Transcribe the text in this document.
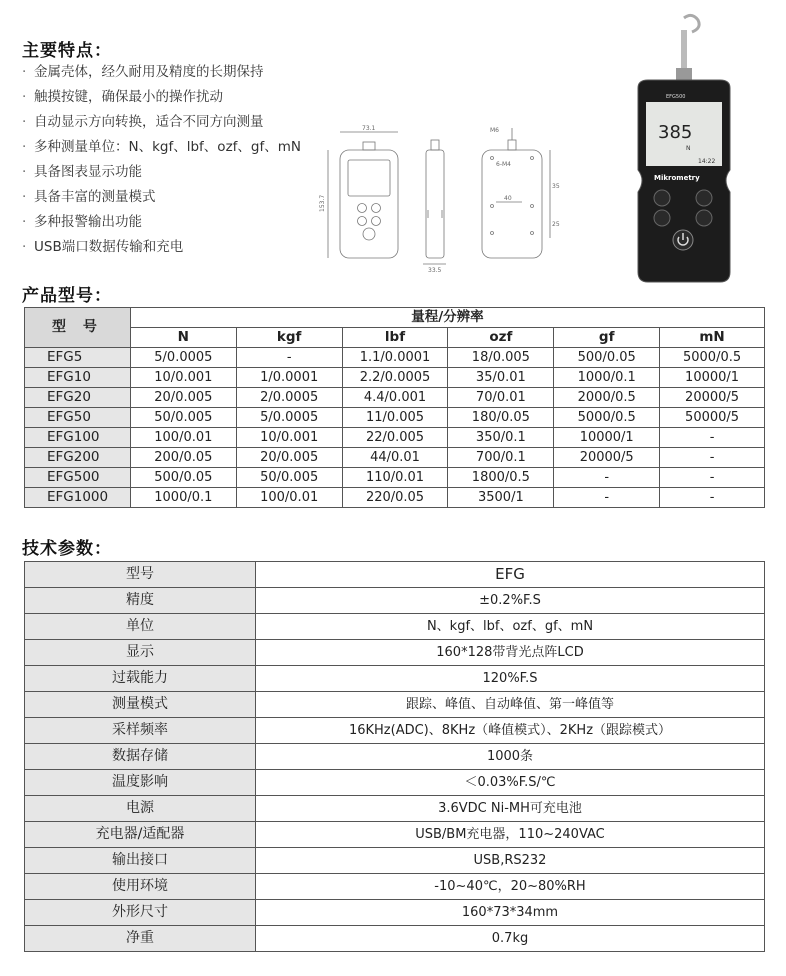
主要特点：
· 金属壳体，经久耐用及精度的长期保持
· 触摸按键，确保最小的操作扰动
· 自动显示方向转换，适合不同方向测量
· 多种测量单位：N、kgf、lbf、ozf、gf、mN
· 具备图表显示功能
· 具备丰富的测量模式
· 多种报警输出功能
· USB端口数据传输和充电
73.1
153.7
33.5
M6
6-M4
40
35
25
EFG500
385
N
14:22
Mikrometry
产品型号：
型 号	量程/分辨率					
	N	kgf	lbf	ozf	gf	mN
EFG5	5/0.0005	-	1.1/0.0001	18/0.005	500/0.05	5000/0.5
EFG10	10/0.001	1/0.0001	2.2/0.0005	35/0.01	1000/0.1	10000/1
EFG20	20/0.005	2/0.0005	4.4/0.001	70/0.01	2000/0.5	20000/5
EFG50	50/0.005	5/0.0005	11/0.005	180/0.05	5000/0.5	50000/5
EFG100	100/0.01	10/0.001	22/0.005	350/0.1	10000/1	-
EFG200	200/0.05	20/0.005	44/0.01	700/0.1	20000/5	-
EFG500	500/0.05	50/0.005	110/0.01	1800/0.5	-	-
EFG1000	1000/0.1	100/0.01	220/0.05	3500/1	-	-
技术参数：
型号	EFG
精度	±0.2%F.S
单位	N、kgf、lbf、ozf、gf、mN
显示	160*128带背光点阵LCD
过载能力	120%F.S
测量模式	跟踪、峰值、自动峰值、第一峰值等
采样频率	16KHz(ADC)、8KHz（峰值模式）、2KHz（跟踪模式）
数据存储	1000条
温度影响	＜0.03%F.S/℃
电源	3.6VDC Ni-MH可充电池
充电器/适配器	USB/BM充电器，110~240VAC
输出接口	USB,RS232
使用环境	-10~40℃，20~80%RH
外形尺寸	160*73*34mm
净重	0.7kg
